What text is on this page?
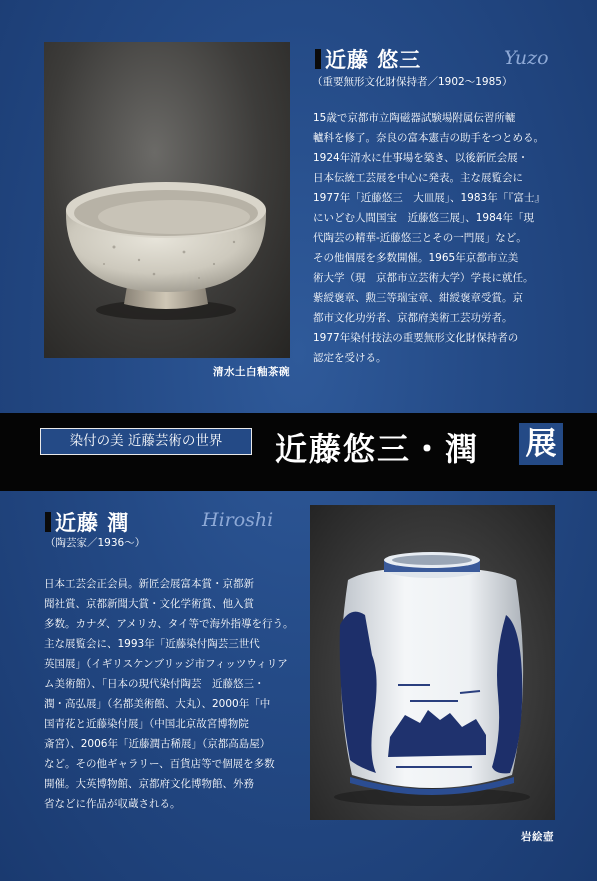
清水土白釉茶碗
近藤 悠三	Yuzo
（重要無形文化財保持者／1902〜1985）
15歳で京都市立陶磁器試験場附属伝習所轆
轤科を修了。奈良の富本憲吉の助手をつとめる。
1924年清水に仕事場を築き、以後新匠会展・
日本伝統工芸展を中心に発表。主な展覧会に
1977年「近藤悠三　大皿展」、1983年「『富士』
にいどむ人間国宝　近藤悠三展」、1984年「現
代陶芸の精華-近藤悠三とその一門展」など。
その他個展を多数開催。1965年京都市立美
術大学（現　京都市立芸術大学）学長に就任。
紫綬褒章、勲三等瑞宝章、紺綬褒章受賞。京
都市文化功労者、京都府美術工芸功労者。
1977年染付技法の重要無形文化財保持者の
認定を受ける。
染付の美 近藤芸術の世界	近藤悠三・潤 展
近藤 潤	Hiroshi
（陶芸家／1936〜）
日本工芸会正会員。新匠会展富本賞・京都新
聞社賞、京都新聞大賞・文化学術賞、他入賞
多数。カナダ、アメリカ、タイ等で海外指導を行う。
主な展覧会に、1993年「近藤染付陶芸三世代
英国展」（イギリスケンブリッジ市フィッツウィリア
ム美術館）、「日本の現代染付陶芸　近藤悠三・
潤・高弘展」（名都美術館、大丸）、2000年「中
国青花と近藤染付展」（中国北京故宮博物院
斎宮）、2006年「近藤潤古稀展」（京都高島屋）
など。その他ギャラリー、百貨店等で個展を多数
開催。大英博物館、京都府文化博物館、外務
省などに作品が収蔵される。
岩絵壺
